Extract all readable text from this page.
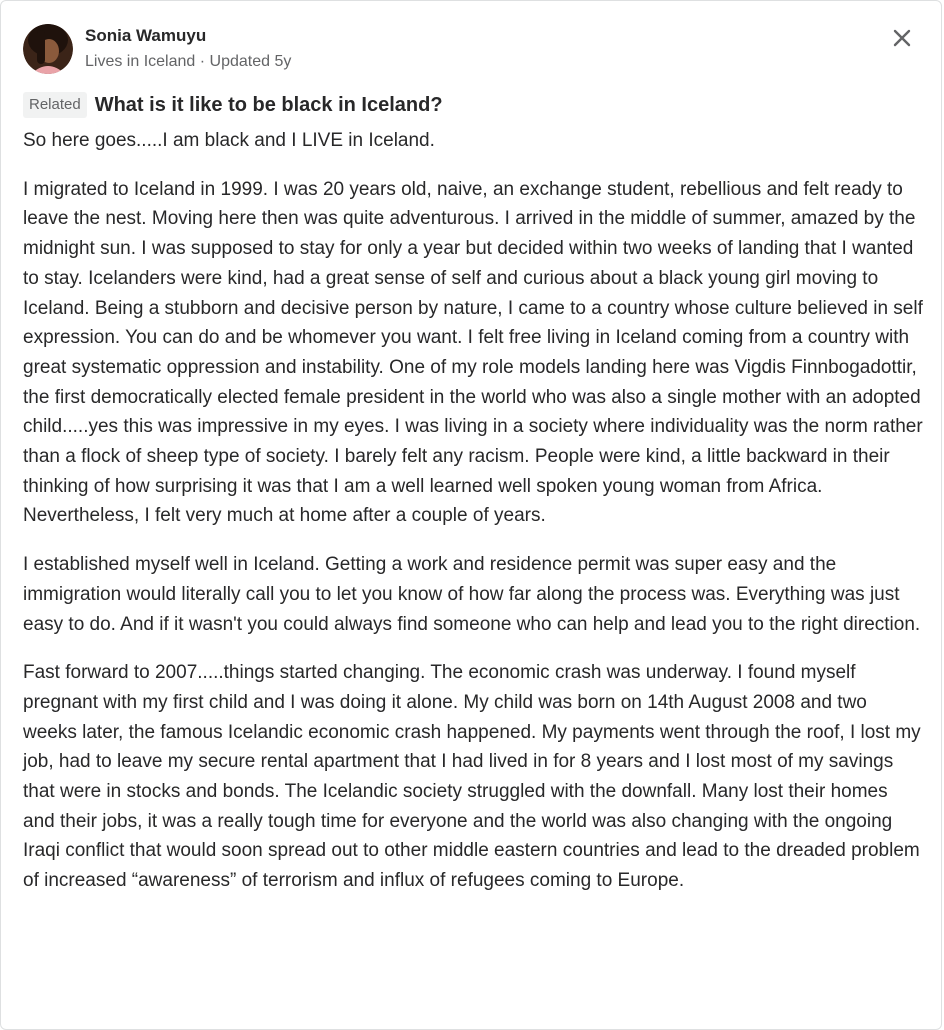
Sonia Wamuyu
Lives in Iceland · Updated 5y
Related What is it like to be black in Iceland?

So here goes.....I am black and I LIVE in Iceland.

I migrated to Iceland in 1999. I was 20 years old, naive, an exchange student, rebellious and felt ready to leave the nest. Moving here then was quite adventurous. I arrived in the middle of summer, amazed by the midnight sun. I was supposed to stay for only a year but decided within two weeks of landing that I wanted to stay. Icelanders were kind, had a great sense of self and curious about a black young girl moving to Iceland. Being a stubborn and decisive person by nature, I came to a country whose culture believed in self expression. You can do and be whomever you want. I felt free living in Iceland coming from a country with great systematic oppression and instability. One of my role models landing here was Vigdis Finnbogadottir, the first democratically elected female president in the world who was also a single mother with an adopted child.....yes this was impressive in my eyes. I was living in a society where individuality was the norm rather than a flock of sheep type of society. I barely felt any racism. People were kind, a little backward in their thinking of how surprising it was that I am a well learned well spoken young woman from Africa. Nevertheless, I felt very much at home after a couple of years.

I established myself well in Iceland. Getting a work and residence permit was super easy and the immigration would literally call you to let you know of how far along the process was. Everything was just easy to do. And if it wasn't you could always find someone who can help and lead you to the right direction.

Fast forward to 2007.....things started changing. The economic crash was underway. I found myself pregnant with my first child and I was doing it alone. My child was born on 14th August 2008 and two weeks later, the famous Icelandic economic crash happened. My payments went through the roof, I lost my job, had to leave my secure rental apartment that I had lived in for 8 years and I lost most of my savings that were in stocks and bonds. The Icelandic society struggled with the downfall. Many lost their homes and their jobs, it was a really tough time for everyone and the world was also changing with the ongoing Iraqi conflict that would soon spread out to other middle eastern countries and lead to the dreaded problem of increased “awareness” of terrorism and influx of refugees coming to Europe.
